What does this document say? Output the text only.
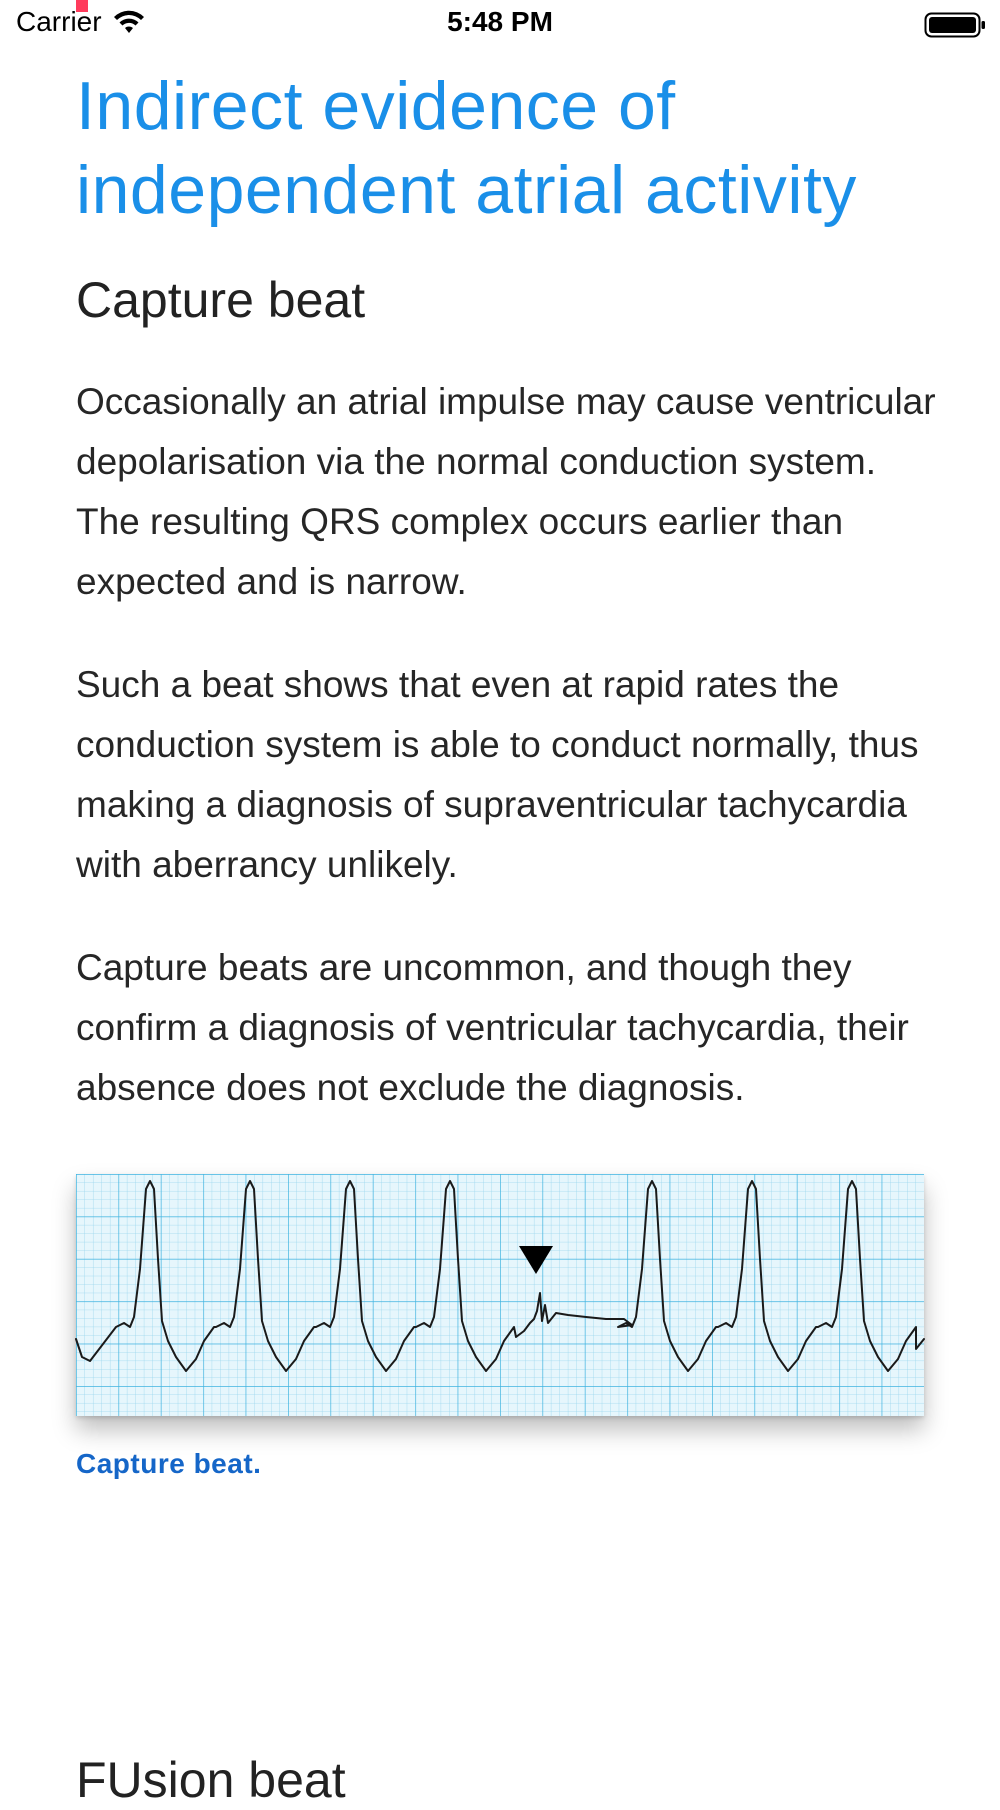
Carrier	5:48 PM
Indirect evidence of independent atrial activity
Capture beat

Occasionally an atrial impulse may cause ventricular depolarisation via the normal conduction system. The resulting QRS complex occurs earlier than expected and is narrow.

Such a beat shows that even at rapid rates the conduction system is able to conduct normally, thus making a diagnosis of supraventricular tachycardia with aberrancy unlikely.

Capture beats are uncommon, and though they confirm a diagnosis of ventricular tachycardia, their absence does not exclude the diagnosis.

Capture beat.
FUsion beat
